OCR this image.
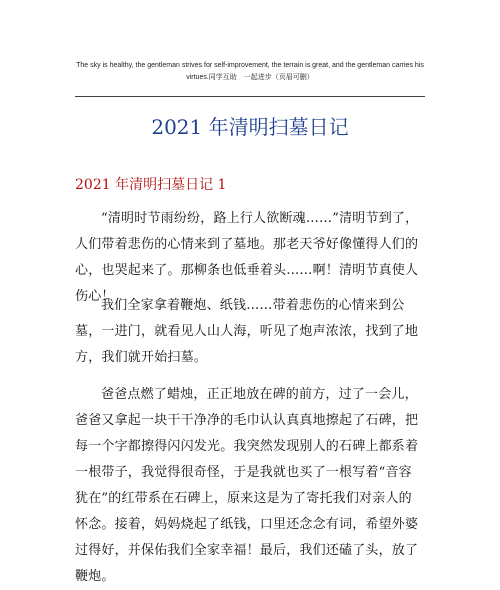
The sky is healthy, the gentleman strives for self-improvement, the terrain is great, and the gentleman carries his
virtues.同学互助　一起进步（页眉可删）
2021 年清明扫墓日记
2021 年清明扫墓日记 1

“清明时节雨纷纷，路上行人欲断魂……”清明节到了，人们带着悲伤的心情来到了墓地。那老天爷好像懂得人们的心，也哭起来了。那柳条也低垂着头……啊！清明节真使人伤心！

我们全家拿着鞭炮、纸钱……带着悲伤的心情来到公墓，一进门，就看见人山人海，听见了炮声浓浓，找到了地方，我们就开始扫墓。

爸爸点燃了蜡烛，正正地放在碑的前方，过了一会儿，爸爸又拿起一块干干净净的毛巾认认真真地擦起了石碑，把每一个字都擦得闪闪发光。我突然发现别人的石碑上都系着一根带子，我觉得很奇怪，于是我就也买了一根写着“音容犹在”的红带系在石碑上，原来这是为了寄托我们对亲人的怀念。接着，妈妈烧起了纸钱，口里还念念有词，希望外婆过得好，并保佑我们全家幸福！最后，我们还磕了头，放了鞭炮。
